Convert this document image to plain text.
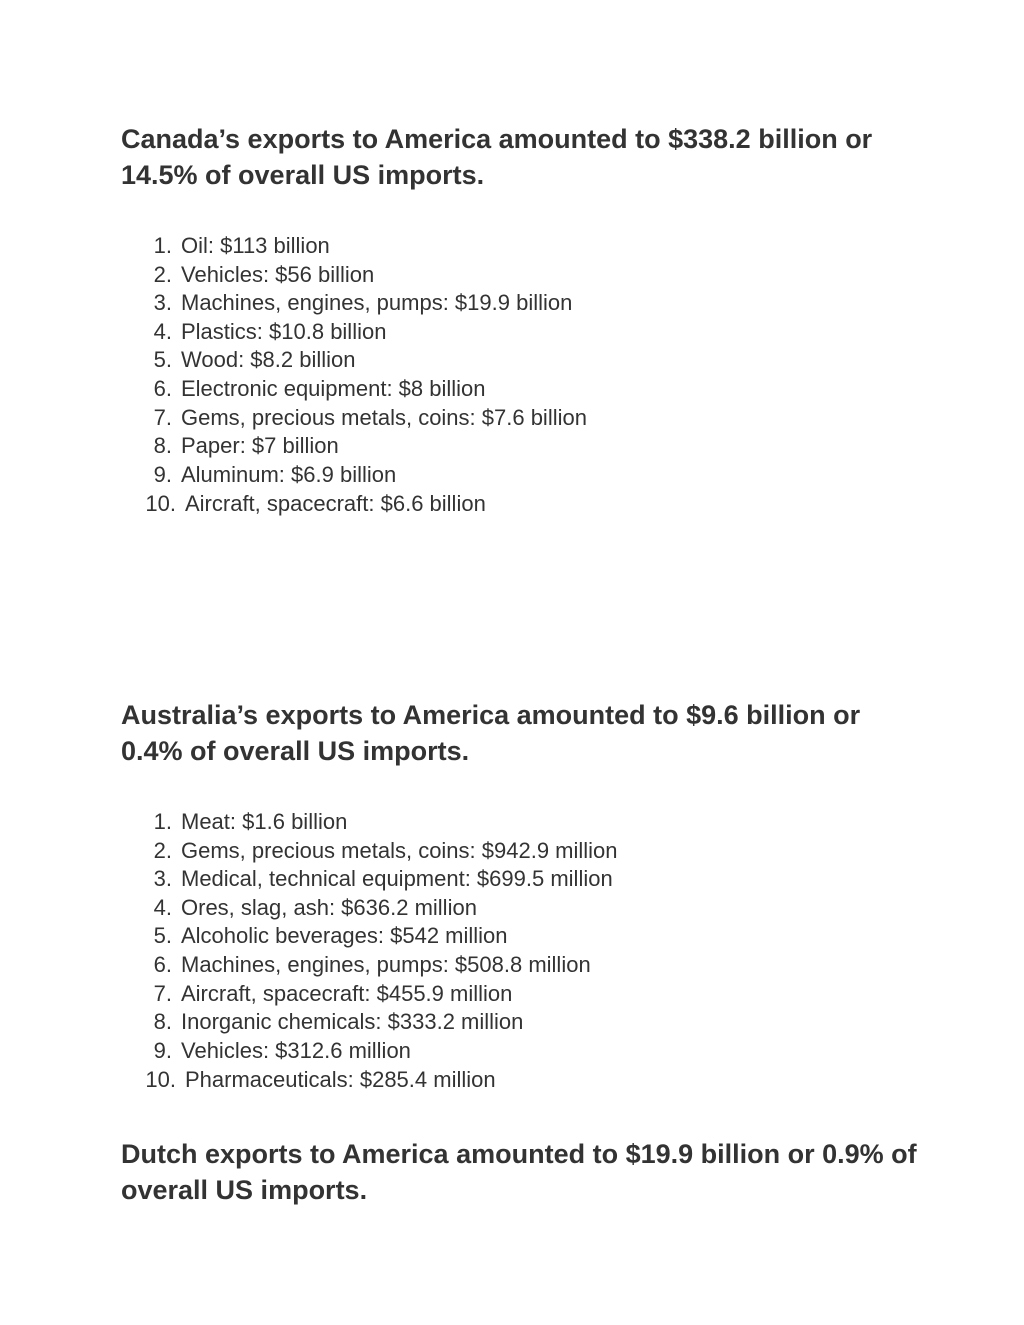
Canada’s exports to America amounted to $338.2 billion or 14.5% of overall US imports.
1. Oil: $113 billion
2. Vehicles: $56 billion
3. Machines, engines, pumps: $19.9 billion
4. Plastics: $10.8 billion
5. Wood: $8.2 billion
6. Electronic equipment: $8 billion
7. Gems, precious metals, coins: $7.6 billion
8. Paper: $7 billion
9. Aluminum: $6.9 billion
10. Aircraft, spacecraft: $6.6 billion
Australia’s exports to America amounted to $9.6 billion or 0.4% of overall US imports.
1. Meat: $1.6 billion
2. Gems, precious metals, coins: $942.9 million
3. Medical, technical equipment: $699.5 million
4. Ores, slag, ash: $636.2 million
5. Alcoholic beverages: $542 million
6. Machines, engines, pumps: $508.8 million
7. Aircraft, spacecraft: $455.9 million
8. Inorganic chemicals: $333.2 million
9. Vehicles: $312.6 million
10. Pharmaceuticals: $285.4 million
Dutch exports to America amounted to $19.9 billion or 0.9% of overall US imports.
